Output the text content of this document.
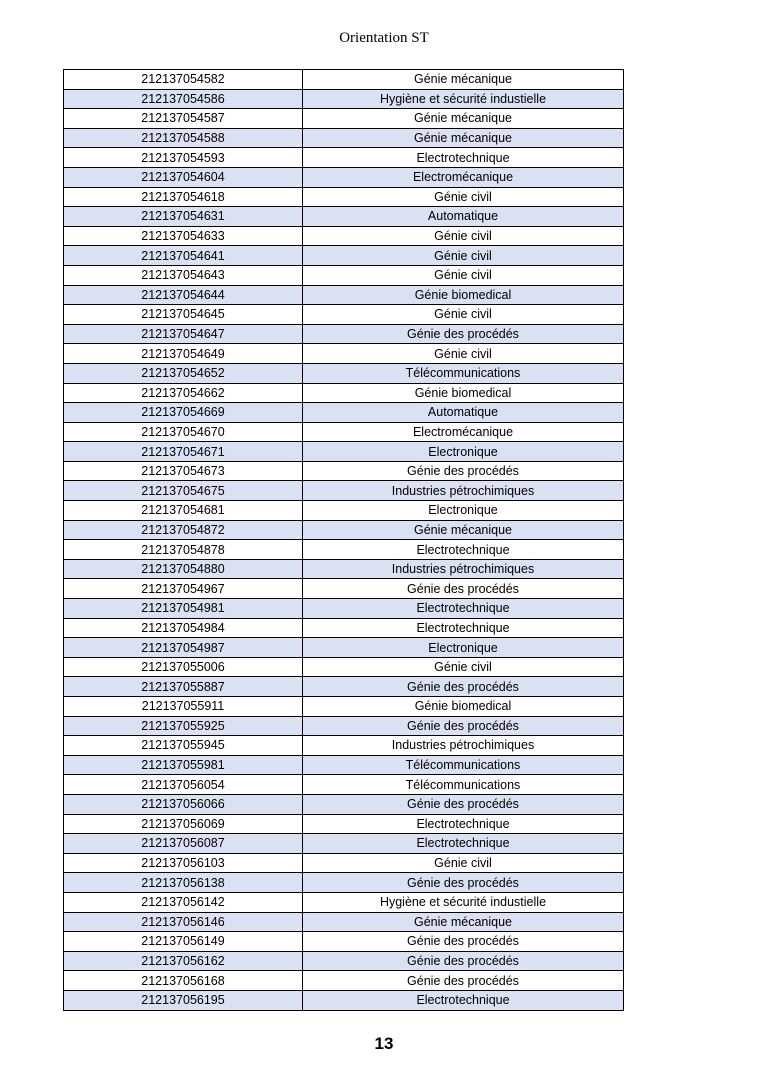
Orientation ST
212137054582	Génie mécanique
212137054586	Hygiène et sécurité industielle
212137054587	Génie mécanique
212137054588	Génie mécanique
212137054593	Electrotechnique
212137054604	Electromécanique
212137054618	Génie civil
212137054631	Automatique
212137054633	Génie civil
212137054641	Génie civil
212137054643	Génie civil
212137054644	Génie biomedical
212137054645	Génie civil
212137054647	Génie des procédés
212137054649	Génie civil
212137054652	Télécommunications
212137054662	Génie biomedical
212137054669	Automatique
212137054670	Electromécanique
212137054671	Electronique
212137054673	Génie des procédés
212137054675	Industries pétrochimiques
212137054681	Electronique
212137054872	Génie mécanique
212137054878	Electrotechnique
212137054880	Industries pétrochimiques
212137054967	Génie des procédés
212137054981	Electrotechnique
212137054984	Electrotechnique
212137054987	Electronique
212137055006	Génie civil
212137055887	Génie des procédés
212137055911	Génie biomedical
212137055925	Génie des procédés
212137055945	Industries pétrochimiques
212137055981	Télécommunications
212137056054	Télécommunications
212137056066	Génie des procédés
212137056069	Electrotechnique
212137056087	Electrotechnique
212137056103	Génie civil
212137056138	Génie des procédés
212137056142	Hygiène et sécurité industielle
212137056146	Génie mécanique
212137056149	Génie des procédés
212137056162	Génie des procédés
212137056168	Génie des procédés
212137056195	Electrotechnique
13
